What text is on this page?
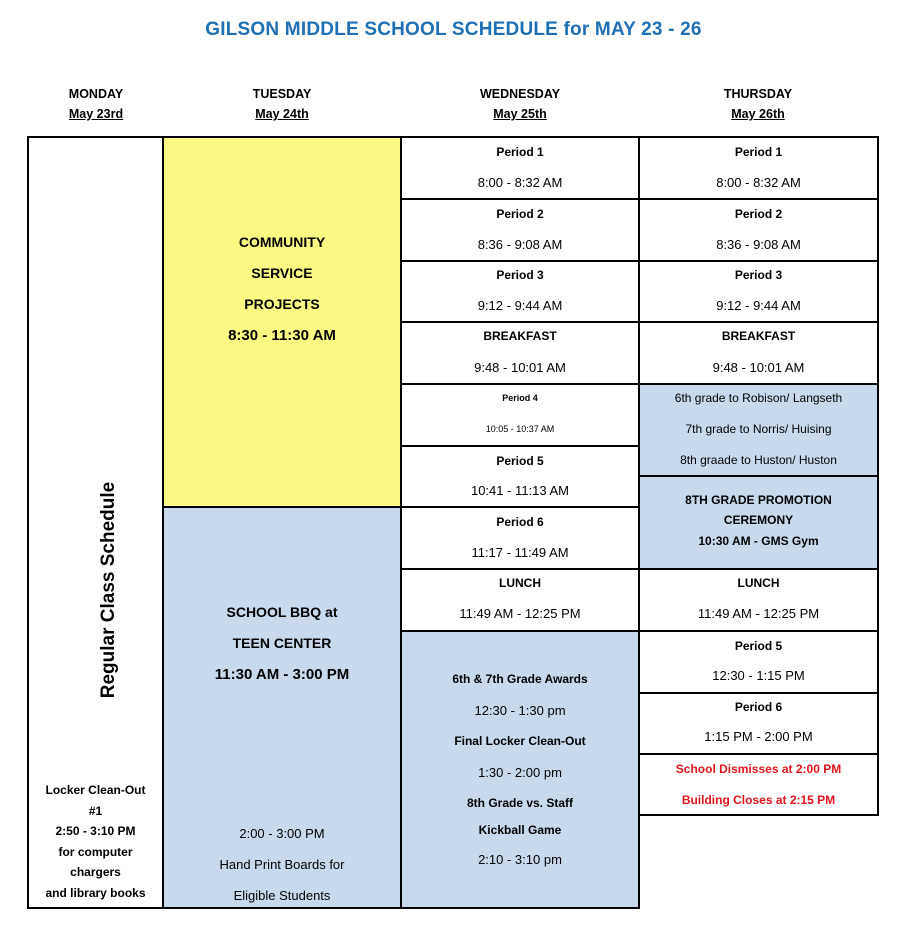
GILSON MIDDLE SCHOOL SCHEDULE for MAY 23 - 26
MONDAY
May 23rd
TUESDAY
May 24th
WEDNESDAY
May 25th
THURSDAY
May 26th
Regular Class Schedule
Locker Clean-Out
#1
2:50 - 3:10 PM
for computer
chargers
and library books
COMMUNITY
SERVICE
PROJECTS
8:30 - 11:30 AM
SCHOOL BBQ at
TEEN CENTER
11:30 AM - 3:00 PM
2:00 - 3:00 PM
Hand Print Boards for
Eligible Students
Period 1
8:00 - 8:32 AM
Period 2
8:36 - 9:08 AM
Period 3
9:12 - 9:44 AM
BREAKFAST
9:48 - 10:01 AM
Period 4
10:05 - 10:37 AM
Period 5
10:41 - 11:13 AM
Period 6
11:17 - 11:49 AM
LUNCH
11:49 AM - 12:25 PM
6th & 7th Grade Awards
12:30 - 1:30 pm
Final Locker Clean-Out
1:30 - 2:00 pm
8th Grade vs. Staff
Kickball Game
2:10 - 3:10 pm
Period 1
8:00 - 8:32 AM
Period 2
8:36 - 9:08 AM
Period 3
9:12 - 9:44 AM
BREAKFAST
9:48 - 10:01 AM
6th grade to Robison/ Langseth
7th grade to Norris/ Huising
8th graade to Huston/ Huston
8TH GRADE PROMOTION
CEREMONY
10:30 AM - GMS Gym
LUNCH
11:49 AM - 12:25 PM
Period 5
12:30 - 1:15 PM
Period 6
1:15 PM - 2:00 PM
School Dismisses at 2:00 PM
Building Closes at 2:15 PM
